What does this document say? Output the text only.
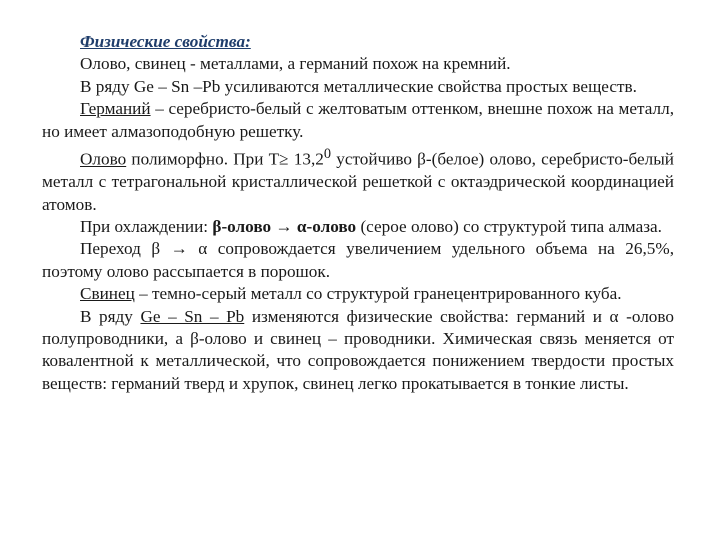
Физические свойства:

Олово, свинец - металлами, а германий похож на кремний.

В ряду Ge – Sn –Pb усиливаются металлические свойства простых веществ.

Германий – серебристо-белый с желтоватым оттенком, внешне похож на металл, но имеет алмазоподобную решетку.

Олово полиморфно. При $T\ge 13,2^0$ устойчиво β-(белое) олово, серебристо-белый металл с тетрагональной кристаллической решеткой с октаэдрической координацией атомов.

При охлаждении: β-олово → α-олово (серое олово) со структурой типа алмаза.

Переход β → α сопровождается увеличением удельного объема на 26,5%, поэтому олово рассыпается в порошок.

Свинец – темно-серый металл со структурой гранецентрированного куба.

В ряду Ge – Sn – Pb изменяются физические свойства: германий и α -олово полупроводники, а β-олово и свинец – проводники. Химическая связь меняется от ковалентной к металлической, что сопровождается понижением твердости простых веществ: германий тверд и хрупок, свинец легко прокатывается в тонкие листы.
